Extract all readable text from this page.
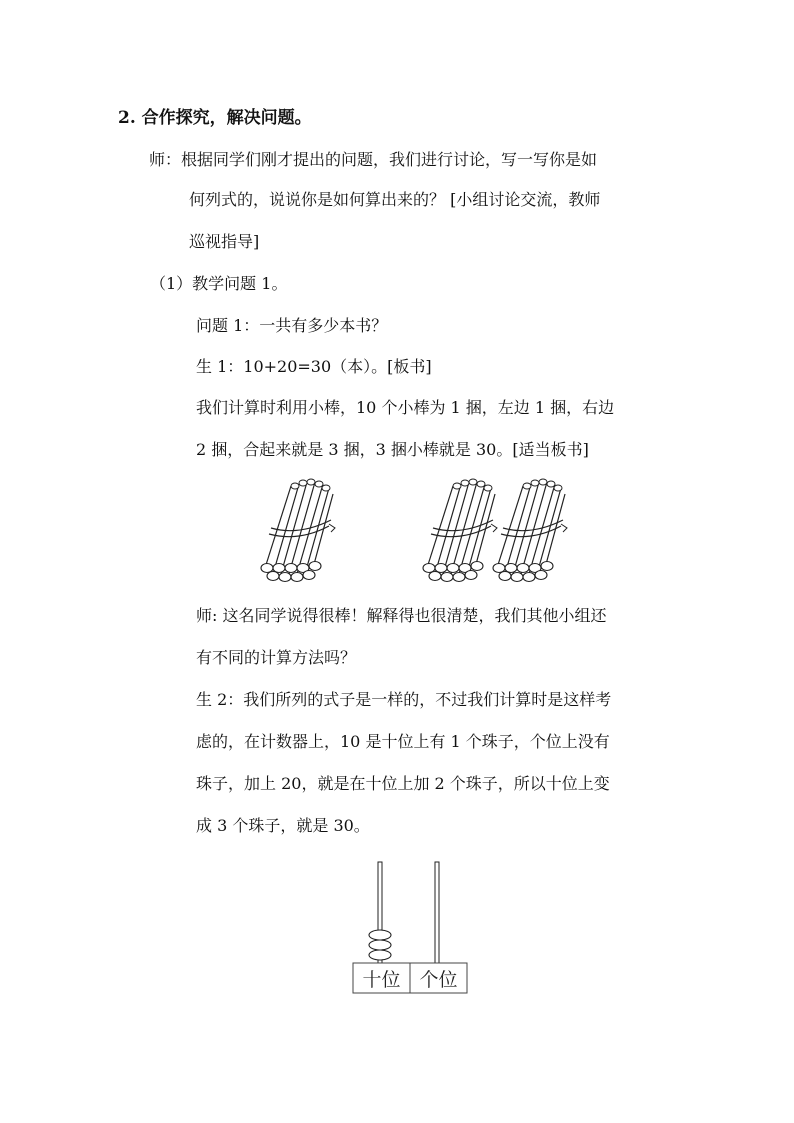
2. 合作探究，解决问题。
师：根据同学们刚才提出的问题，我们进行讨论，写一写你是如
何列式的，说说你是如何算出来的？ [小组讨论交流，教师
巡视指导]
（1）教学问题 1。
问题 1：一共有多少本书？
生 1：10+20=30（本）。[板书]
我们计算时利用小棒，10 个小棒为 1 捆，左边 1 捆，右边
2 捆，合起来就是 3 捆，3 捆小棒就是 30。[适当板书]
师: 这名同学说得很棒！解释得也很清楚，我们其他小组还
有不同的计算方法吗？
生 2：我们所列的式子是一样的，不过我们计算时是这样考
虑的，在计数器上，10 是十位上有 1 个珠子，个位上没有
珠子，加上 20，就是在十位上加 2 个珠子，所以十位上变
成 3 个珠子，就是 30。
十位 个位
